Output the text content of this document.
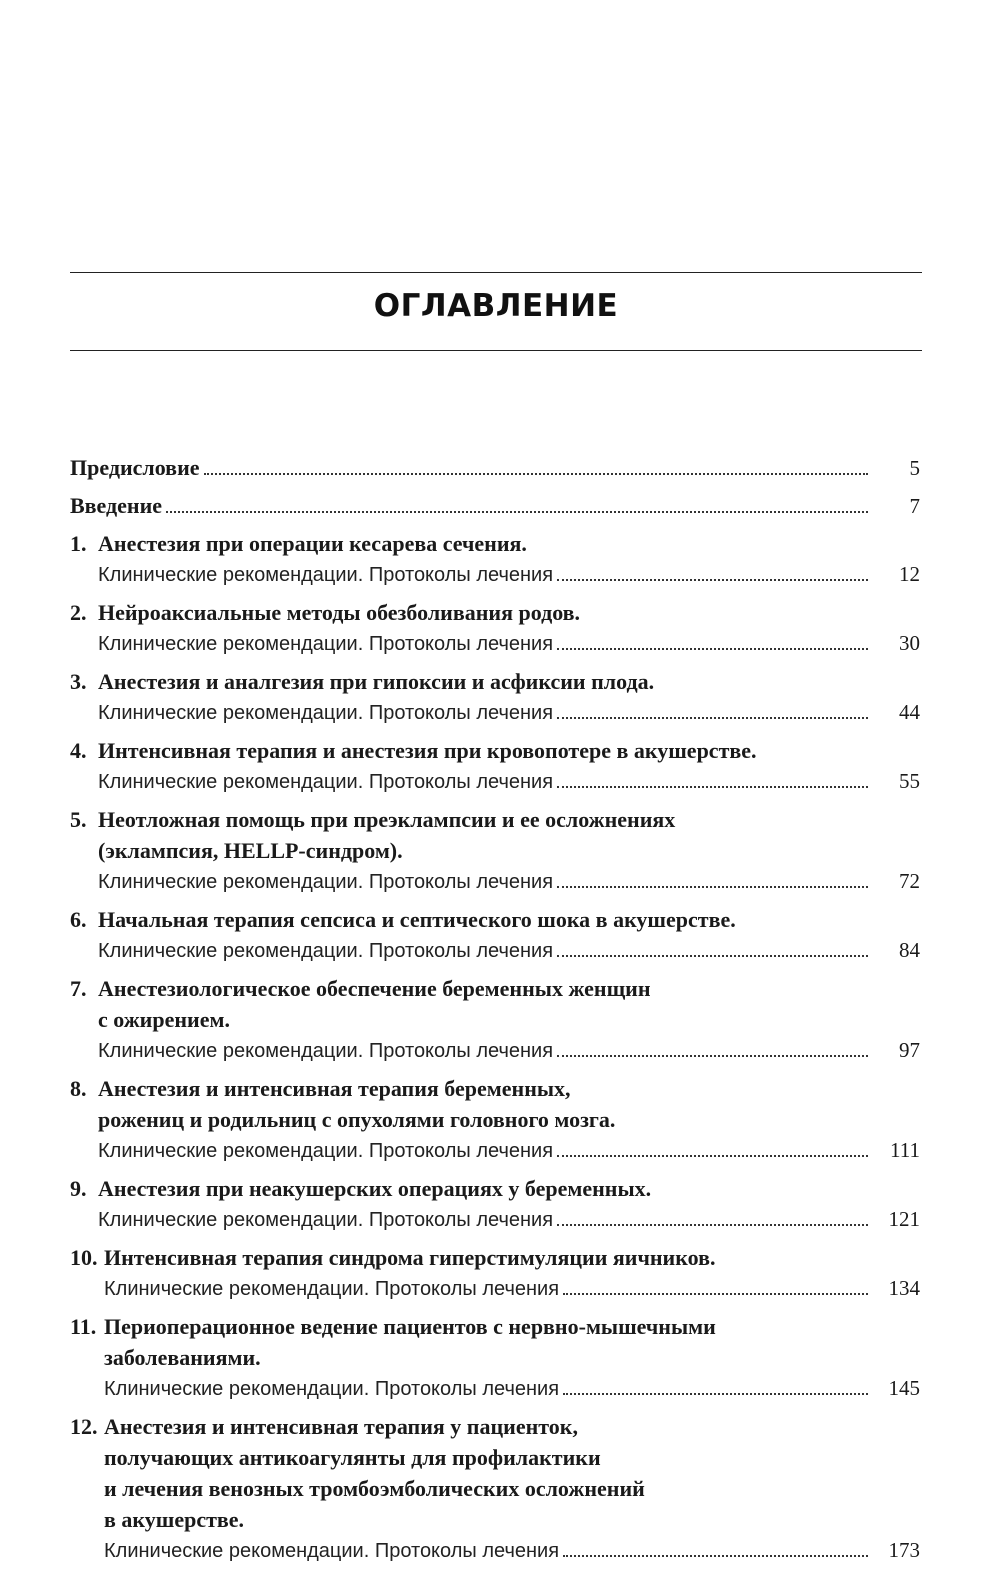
ОГЛАВЛЕНИЕ
Предисловие	5
Введение	7
1. Анестезия при операции кесарева сечения.
Клинические рекомендации. Протоколы лечения	12
2. Нейроаксиальные методы обезболивания родов.
Клинические рекомендации. Протоколы лечения	30
3. Анестезия и аналгезия при гипоксии и асфиксии плода.
Клинические рекомендации. Протоколы лечения	44
4. Интенсивная терапия и анестезия при кровопотере в акушерстве.
Клинические рекомендации. Протоколы лечения	55
5. Неотложная помощь при преэклампсии и ее осложнениях
(эклампсия, HELLP-синдром).
Клинические рекомендации. Протоколы лечения	72
6. Начальная терапия сепсиса и септического шока в акушерстве.
Клинические рекомендации. Протоколы лечения	84
7. Анестезиологическое обеспечение беременных женщин
с ожирением.
Клинические рекомендации. Протоколы лечения	97
8. Анестезия и интенсивная терапия беременных,
рожениц и родильниц с опухолями головного мозга.
Клинические рекомендации. Протоколы лечения	111
9. Анестезия при неакушерских операциях у беременных.
Клинические рекомендации. Протоколы лечения	121
10. Интенсивная терапия синдрома гиперстимуляции яичников.
Клинические рекомендации. Протоколы лечения	134
11. Периоперационное ведение пациентов с нервно-мышечными
заболеваниями.
Клинические рекомендации. Протоколы лечения	145
12. Анестезия и интенсивная терапия у пациенток,
получающих антикоагулянты для профилактики
и лечения венозных тромбоэмболических осложнений
в акушерстве.
Клинические рекомендации. Протоколы лечения	173
